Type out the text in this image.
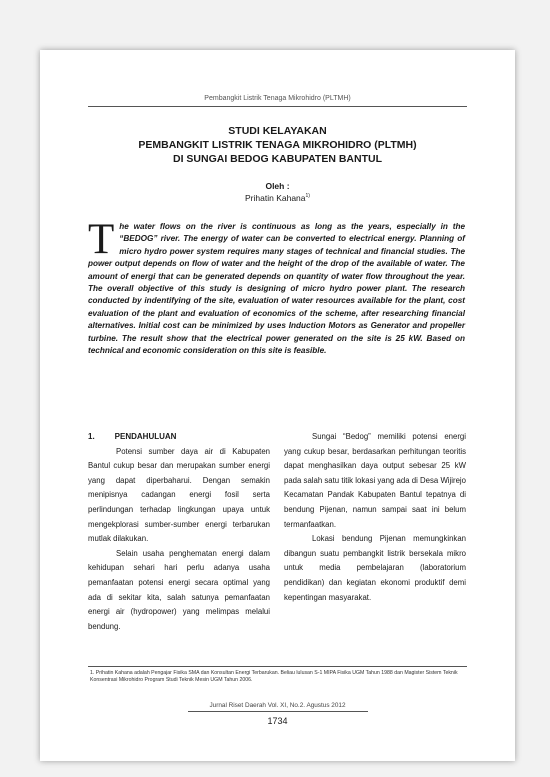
Pembangkit Listrik Tenaga Mikrohidro (PLTMH)
STUDI KELAYAKAN
PEMBANGKIT LISTRIK TENAGA MIKROHIDRO (PLTMH)
DI SUNGAI BEDOG KABUPATEN BANTUL
Oleh :
Prihatin Kahana$^{1)}$
The water flows on the river is continuous as long as the years, especially in the “BEDOG” river. The energy of water can be converted to electrical energy. Planning of micro hydro power system requires many stages of technical and financial studies. The power output depends on flow of water and the height of the drop of the available of water. The amount of energi that can be generated depends on quantity of water flow throughout the year. The overall objective of this study is designing of micro hydro power plant. The research conducted by indentifying of the site, evaluation of water resources available for the plant, cost evaluation of the plant and evaluation of economics of the scheme, after researching financial alternatives. Initial cost can be minimized by uses Induction Motors as Generator and propeller turbine. The result show that the electrical power generated on the site is 25 kW. Based on technical and economic consideration on this site is feasible.
1.	PENDAHULUAN

Potensi sumber daya air di Kabupaten Bantul cukup besar dan merupakan sumber energi yang dapat diperbaharui. Dengan semakin menipisnya cadangan energi fosil serta perlindungan terhadap lingkungan upaya untuk mengekplorasi sumber-sumber energi terbarukan mutlak dilakukan.

Selain usaha penghematan energi dalam kehidupan sehari hari perlu adanya usaha pemanfaatan potensi energi secara optimal yang ada di sekitar kita, salah satunya pemanfaatan energi air (hydropower) yang melimpas melalui bendung.

Sungai “Bedog” memiliki potensi energi yang cukup besar, berdasarkan perhitungan teoritis dapat menghasilkan daya output sebesar 25 kW pada salah satu titik lokasi yang ada di Desa Wijirejo Kecamatan Pandak Kabupaten Bantul tepatnya di bendung Pijenan, namun sampai saat ini belum termanfaatkan.

Lokasi bendung Pijenan memungkinkan dibangun suatu pembangkit listrik bersekala mikro untuk media pembelajaran (laboratorium pendidikan) dan kegiatan ekonomi produktif demi kepentingan masyarakat.

1. Prihatin Kahana adalah Pengajar Fisika SMA dan Konsultan Energi Terbarukan. Beliau lulusan S-1 MIPA Fisika UGM Tahun 1988 dan Magister Sistem Teknik Konsentrasi Mikrohidro Program Studi Teknik Mesin UGM Tahun 2006.
Jurnal Riset Daerah Vol. XI, No.2. Agustus 2012
1734
